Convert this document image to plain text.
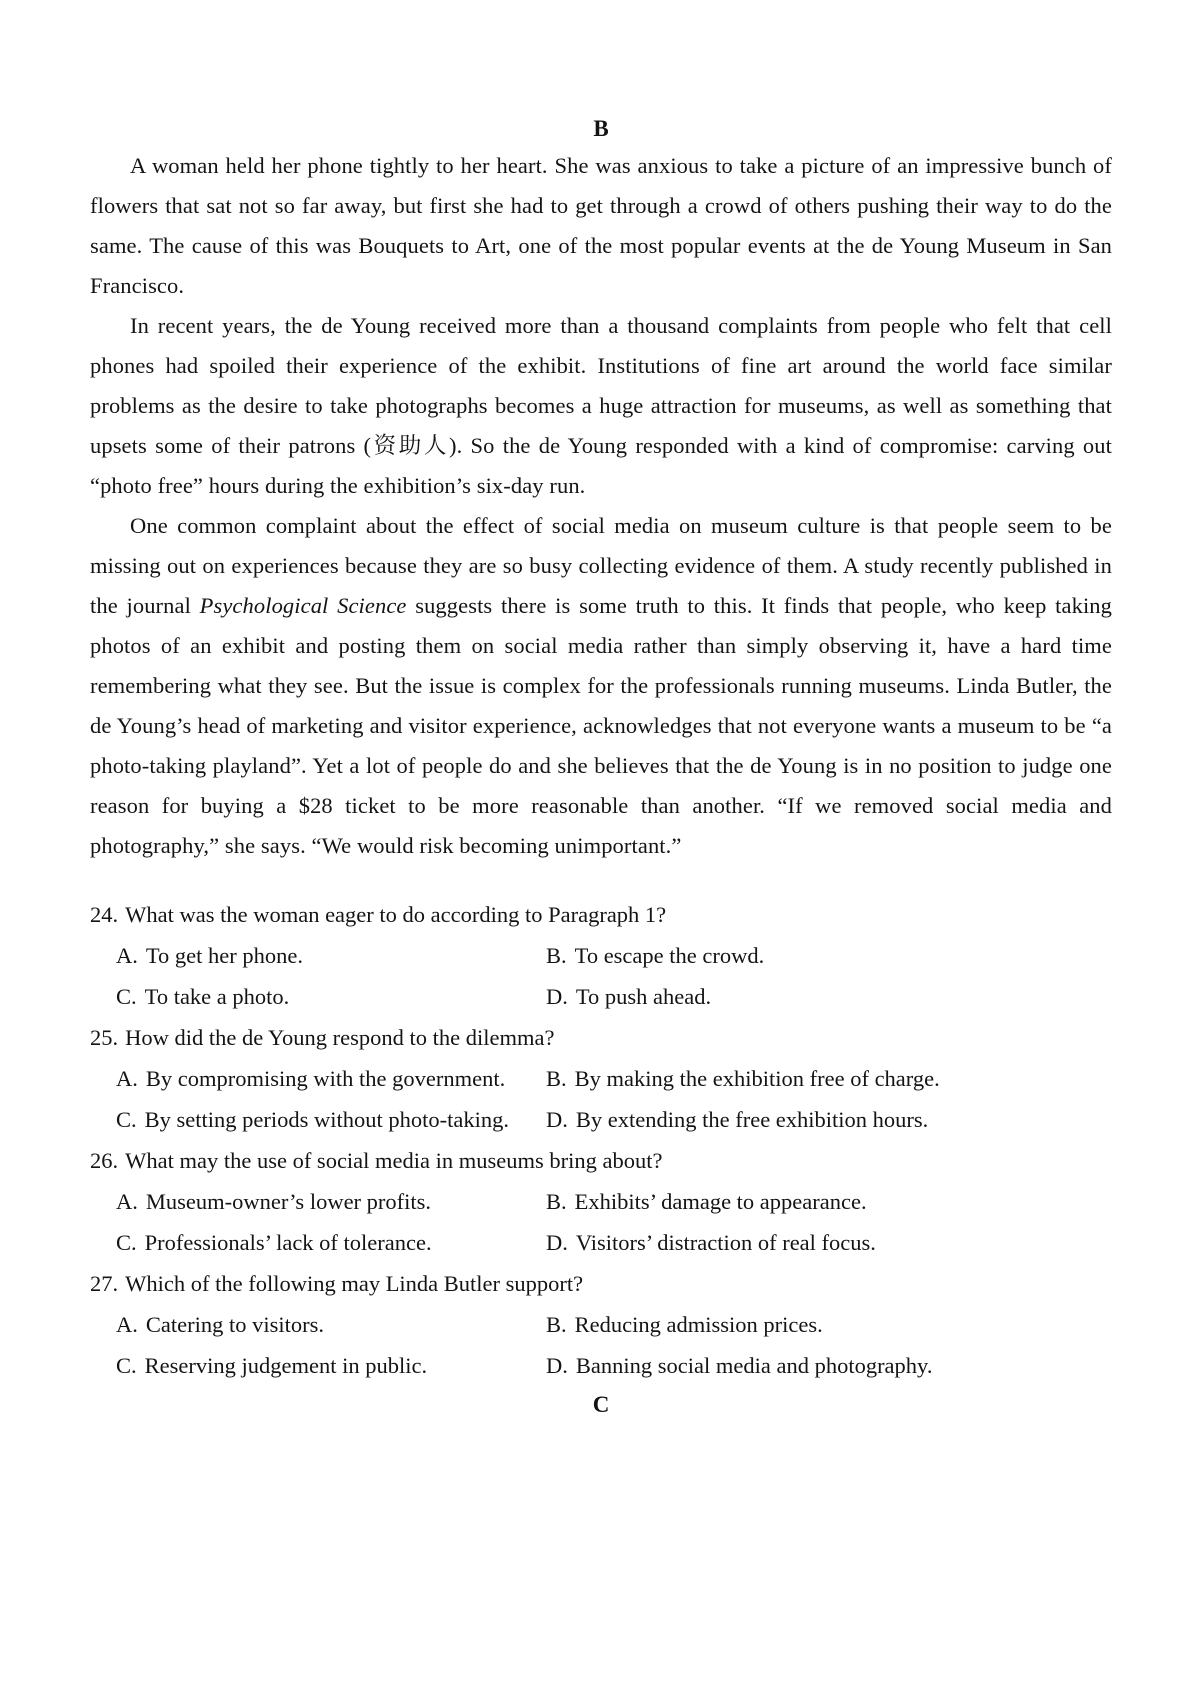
B

A woman held her phone tightly to her heart. She was anxious to take a picture of an impressive bunch of flowers that sat not so far away, but first she had to get through a crowd of others pushing their way to do the same. The cause of this was Bouquets to Art, one of the most popular events at the de Young Museum in San Francisco.

In recent years, the de Young received more than a thousand complaints from people who felt that cell phones had spoiled their experience of the exhibit. Institutions of fine art around the world face similar problems as the desire to take photographs becomes a huge attraction for museums, as well as something that upsets some of their patrons (资助人). So the de Young responded with a kind of compromise: carving out “photo free” hours during the exhibition’s six-day run.

One common complaint about the effect of social media on museum culture is that people seem to be missing out on experiences because they are so busy collecting evidence of them. A study recently published in the journal Psychological Science suggests there is some truth to this. It finds that people, who keep taking photos of an exhibit and posting them on social media rather than simply observing it, have a hard time remembering what they see. But the issue is complex for the professionals running museums. Linda Butler, the de Young’s head of marketing and visitor experience, acknowledges that not everyone wants a museum to be “a photo-taking playland”. Yet a lot of people do and she believes that the de Young is in no position to judge one reason for buying a $28 ticket to be more reasonable than another. “If we removed social media and photography,” she says. “We would risk becoming unimportant.”

24. What was the woman eager to do according to Paragraph 1?
A. To get her phone.	B. To escape the crowd.
C. To take a photo.	D. To push ahead.
25. How did the de Young respond to the dilemma?
A. By compromising with the government.	B. By making the exhibition free of charge.
C. By setting periods without photo-taking.	D. By extending the free exhibition hours.
26. What may the use of social media in museums bring about?
A. Museum-owner’s lower profits.	B. Exhibits’ damage to appearance.
C. Professionals’ lack of tolerance.	D. Visitors’ distraction of real focus.
27. Which of the following may Linda Butler support?
A. Catering to visitors.	B. Reducing admission prices.
C. Reserving judgement in public.	D. Banning social media and photography.
C
